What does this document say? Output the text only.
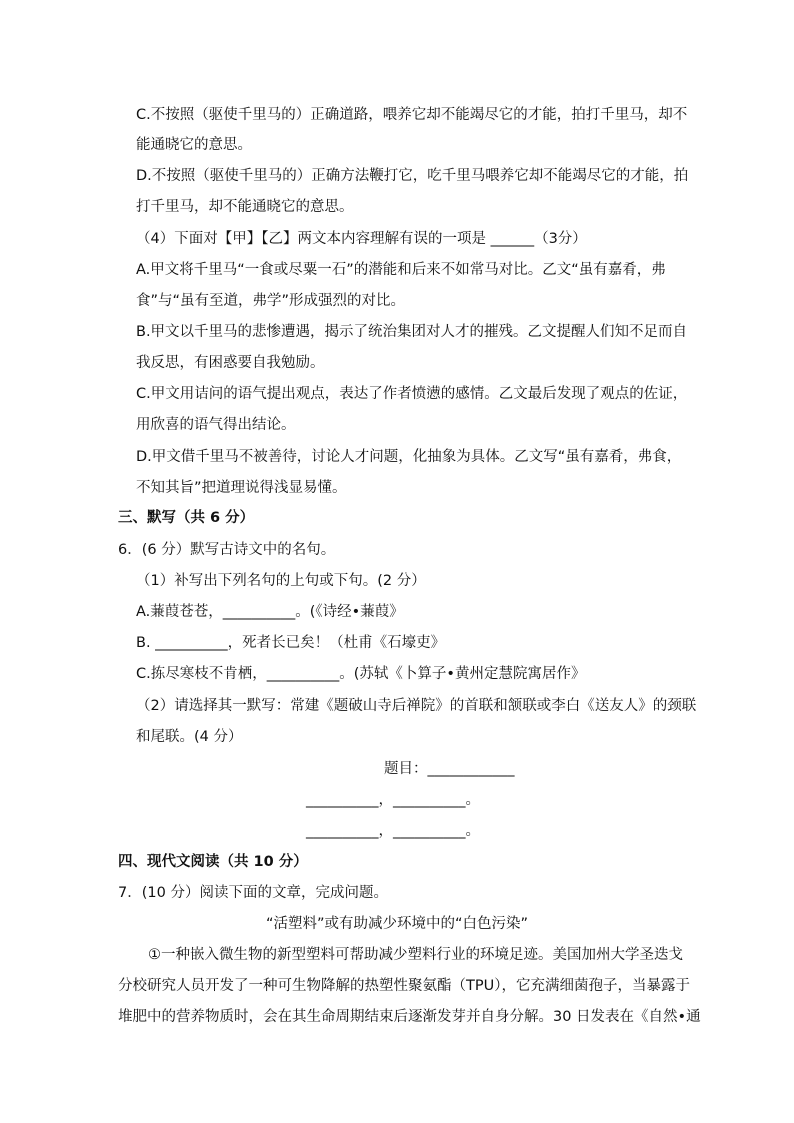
C.不按照（驱使千里马的）正确道路，喂养它却不能竭尽它的才能，拍打千里马，却不
能通晓它的意思。
D.不按照（驱使千里马的）正确方法鞭打它，吃千里马喂养它却不能竭尽它的才能，拍
打千里马，却不能通晓它的意思。
（4）下面对【甲】【乙】两文本内容理解有误的一项是 ______（3分）
A.甲文将千里马“一食或尽粟一石”的潜能和后来不如常马对比。乙文“虽有嘉肴，弗
食”与“虽有至道，弗学”形成强烈的对比。
B.甲文以千里马的悲惨遭遇，揭示了统治集团对人才的摧残。乙文提醒人们知不足而自
我反思，有困惑要自我勉励。
C.甲文用诘问的语气提出观点，表达了作者愤懑的感情。乙文最后发现了观点的佐证，
用欣喜的语气得出结论。
D.甲文借千里马不被善待，讨论人才问题，化抽象为具体。乙文写“虽有嘉肴，弗食，
不知其旨”把道理说得浅显易懂。
三、默写（共 6 分）
6．(6 分）默写古诗文中的名句。
（1）补写出下列名句的上句或下句。(2 分）
A.蒹葭苍苍，__________。(《诗经•蒹葭》
B. __________，死者长已矣！（杜甫《石壕吏》
C.拣尽寒枝不肯栖，__________。(苏轼《卜算子•黄州定慧院寓居作》
（2）请选择其一默写：常建《题破山寺后禅院》的首联和颔联或李白《送友人》的颈联
和尾联。(4 分）
题目：____________
__________，__________。
__________，__________。
四、现代文阅读（共 10 分）
7．(10 分）阅读下面的文章，完成问题。
“活塑料”或有助减少环境中的“白色污染”
①一种嵌入微生物的新型塑料可帮助减少塑料行业的环境足迹。美国加州大学圣迭戈
分校研究人员开发了一种可生物降解的热塑性聚氨酯（TPU），它充满细菌孢子，当暴露于
堆肥中的营养物质时，会在其生命周期结束后逐渐发芽并自身分解。30 日发表在《自然•通
